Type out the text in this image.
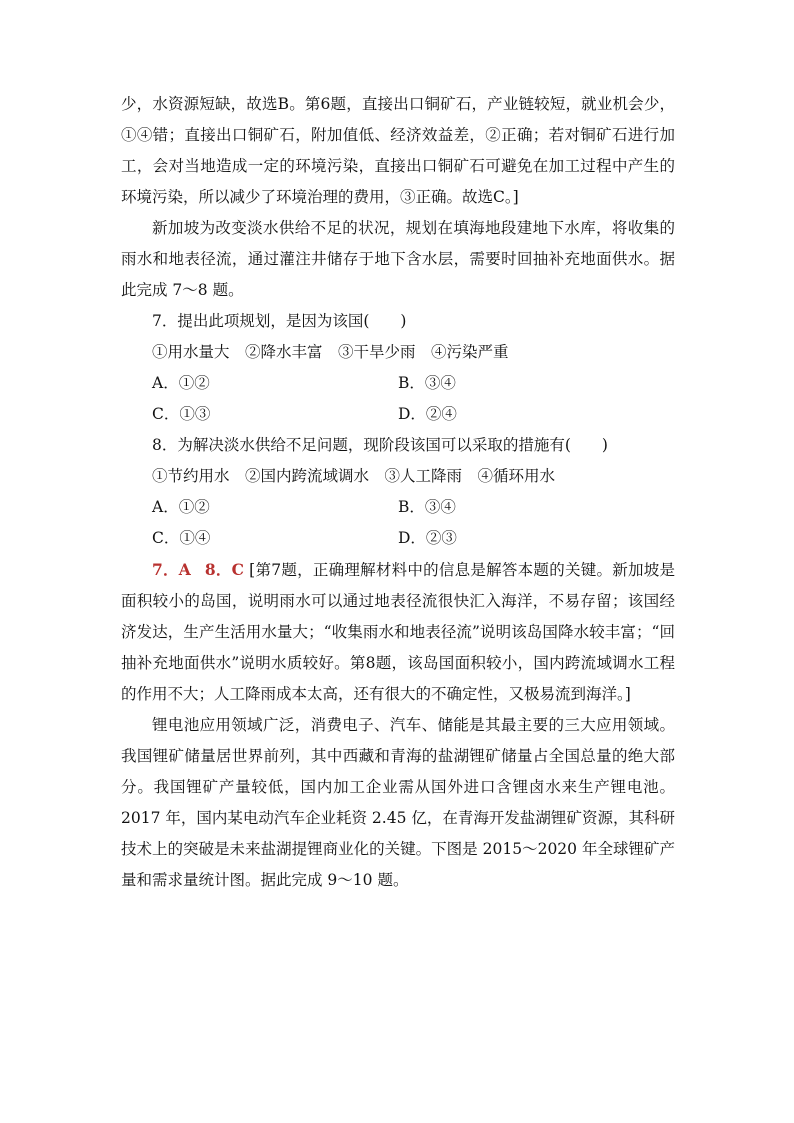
少，水资源短缺，故选B。第6题，直接出口铜矿石，产业链较短，就业机会少，①④错；直接出口铜矿石，附加值低、经济效益差，②正确；若对铜矿石进行加工，会对当地造成一定的环境污染，直接出口铜矿石可避免在加工过程中产生的环境污染，所以减少了环境治理的费用，③正确。故选C。]

新加坡为改变淡水供给不足的状况，规划在填海地段建地下水库，将收集的雨水和地表径流，通过灌注井储存于地下含水层，需要时回抽补充地面供水。据此完成 7～8 题。

7．提出此项规划，是因为该国(　　)

①用水量大　②降水丰富　③干旱少雨　④污染严重

A．①②	B．③④
C．①③	D．②④

8．为解决淡水供给不足问题，现阶段该国可以采取的措施有(　　)

①节约用水　②国内跨流域调水　③人工降雨　④循环用水

A．①②	B．③④
C．①④	D．②③

7．A 8．C [第7题，正确理解材料中的信息是解答本题的关键。新加坡是面积较小的岛国，说明雨水可以通过地表径流很快汇入海洋，不易存留；该国经济发达，生产生活用水量大；“收集雨水和地表径流”说明该岛国降水较丰富；“回抽补充地面供水”说明水质较好。第8题，该岛国面积较小，国内跨流域调水工程的作用不大；人工降雨成本太高，还有很大的不确定性，又极易流到海洋。]

锂电池应用领域广泛，消费电子、汽车、储能是其最主要的三大应用领域。我国锂矿储量居世界前列，其中西藏和青海的盐湖锂矿储量占全国总量的绝大部分。我国锂矿产量较低，国内加工企业需从国外进口含锂卤水来生产锂电池。2017 年，国内某电动汽车企业耗资 2.45 亿，在青海开发盐湖锂矿资源，其科研技术上的突破是未来盐湖提锂商业化的关键。下图是 2015～2020 年全球锂矿产量和需求量统计图。据此完成 9～10 题。
